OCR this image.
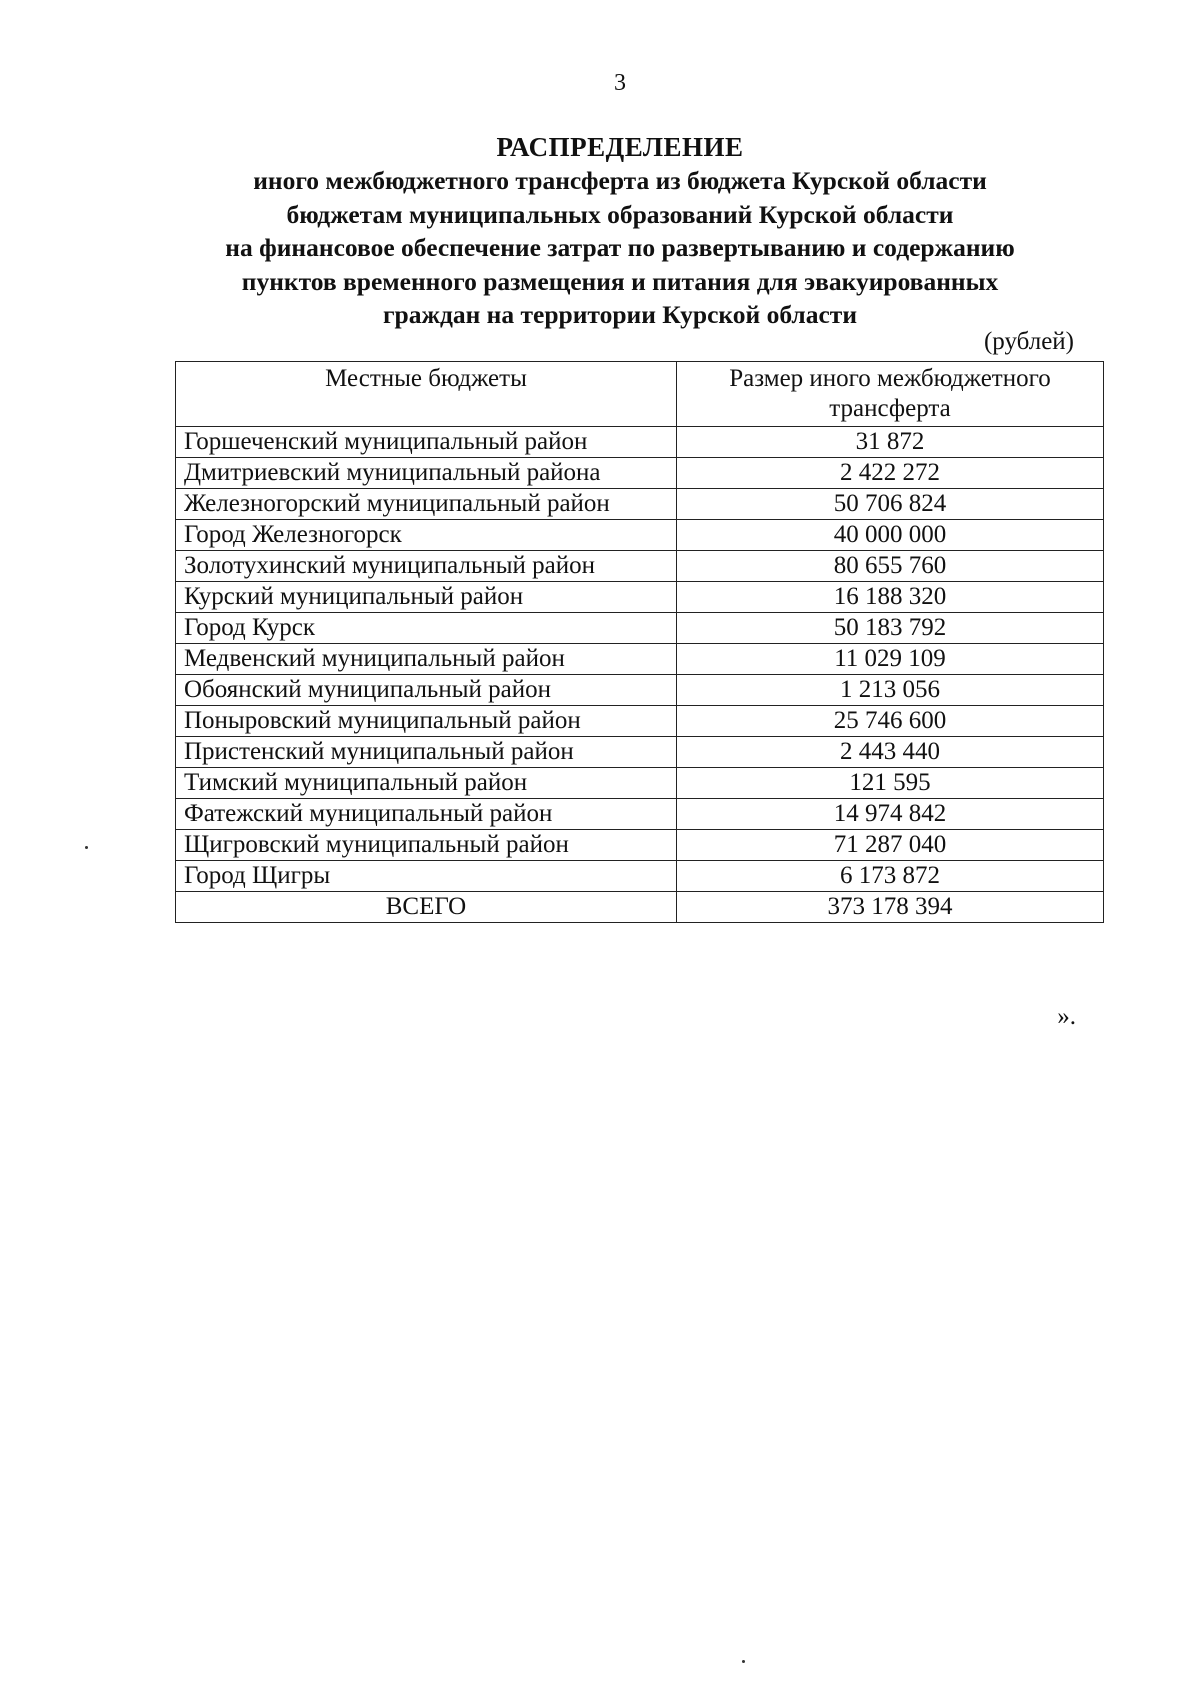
3
РАСПРЕДЕЛЕНИЕ
иного межбюджетного трансферта из бюджета Курской области
бюджетам муниципальных образований Курской области
на финансовое обеспечение затрат по развертыванию и содержанию
пунктов временного размещения и питания для эвакуированных
граждан на территории Курской области
(рублей)
Местные бюджеты	Размер иного межбюджетного трансферта
Горшеченский муниципальный район	31 872
Дмитриевский муниципальный района	2 422 272
Железногорский муниципальный район	50 706 824
Город Железногорск	40 000 000
Золотухинский муниципальный район	80 655 760
Курский муниципальный район	16 188 320
Город Курск	50 183 792
Медвенский муниципальный район	11 029 109
Обоянский муниципальный район	1 213 056
Поныровский муниципальный район	25 746 600
Пристенский муниципальный район	2 443 440
Тимский муниципальный район	121 595
Фатежский муниципальный район	14 974 842
Щигровский муниципальный район	71 287 040
Город Щигры	6 173 872
ВСЕГО	373 178 394
».
